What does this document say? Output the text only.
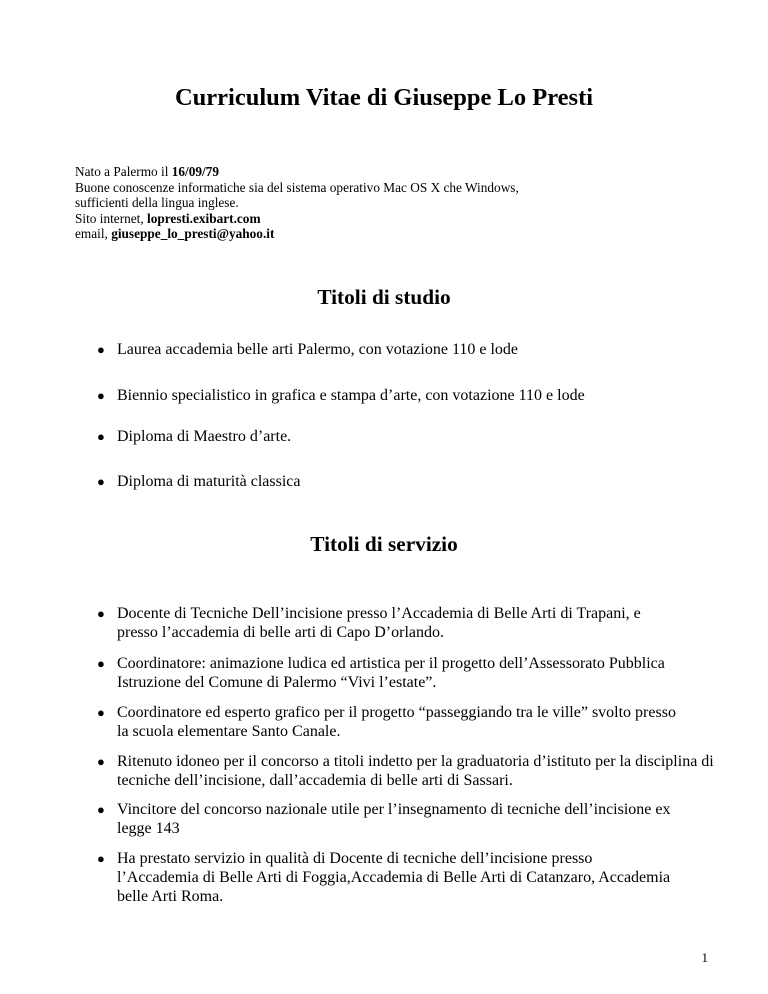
Curriculum Vitae di Giuseppe Lo Presti
Nato a Palermo il 16/09/79
Buone conoscenze informatiche sia del sistema operativo Mac OS X che Windows,
sufficienti della lingua inglese.
Sito internet, lopresti.exibart.com
email, giuseppe_lo_presti@yahoo.it
Titoli di studio
● Laurea accademia belle arti Palermo, con votazione 110 e lode
● Biennio specialistico in grafica e stampa d’arte, con votazione 110 e lode
● Diploma di Maestro d’arte.
● Diploma di maturità classica
Titoli di servizio
● Docente di Tecniche Dell’incisione presso l’Accademia di Belle Arti di Trapani, e presso l’accademia di belle arti di Capo D’orlando.
● Coordinatore: animazione ludica ed artistica per il progetto dell’Assessorato Pubblica Istruzione del Comune di Palermo “Vivi l’estate”.
● Coordinatore ed esperto grafico per il progetto “passeggiando tra le ville” svolto presso la scuola elementare Santo Canale.
● Ritenuto idoneo per il concorso a titoli indetto per la graduatoria d’istituto per la disciplina di tecniche dell’incisione, dall’accademia di belle arti di Sassari.
● Vincitore del concorso nazionale utile per l’insegnamento di tecniche dell’incisione ex legge 143
● Ha prestato servizio in qualità di Docente di tecniche dell’incisione presso l’Accademia di Belle Arti di Foggia,Accademia di Belle Arti di Catanzaro, Accademia belle Arti Roma.

1
